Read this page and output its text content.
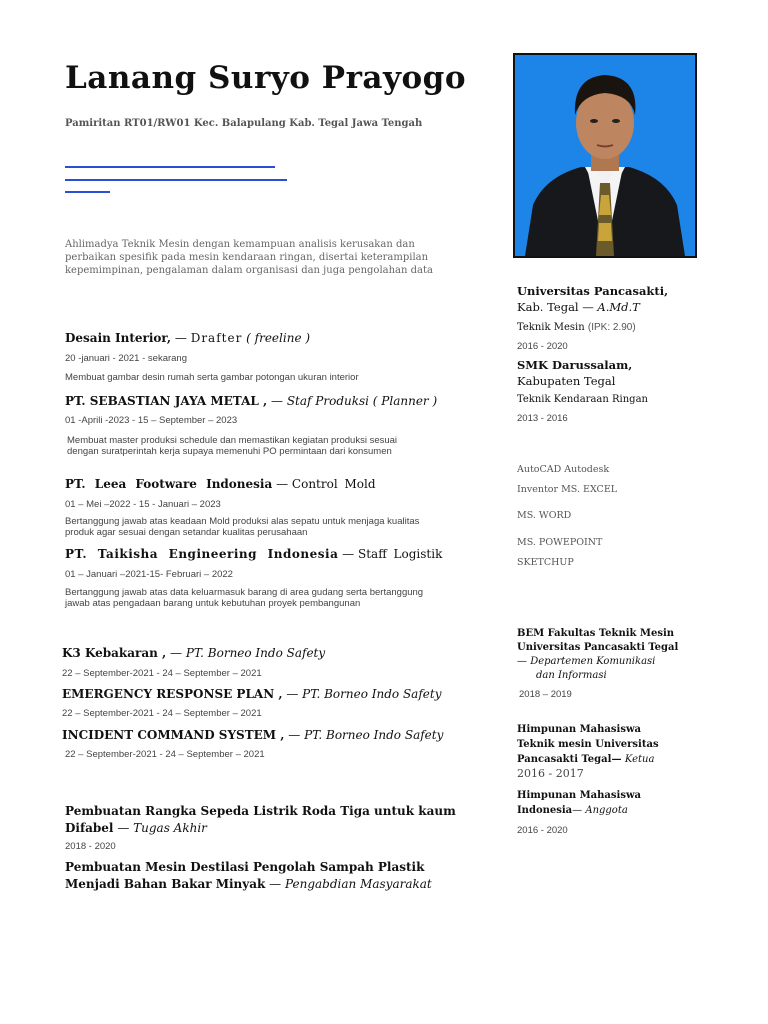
Lanang Suryo Prayogo
Pamiritan RT01/RW01 Kec. Balapulang Kab. Tegal Jawa Tengah
Ahlimadya Teknik Mesin dengan kemampuan analisis kerusakan dan perbaikan spesifik pada mesin kendaraan ringan, disertai keterampilan kepemimpinan, pengalaman dalam organisasi dan juga pengolahan data
Desain Interior, — Drafter ( freeline )
20 -januari - 2021 - sekarang
Membuat gambar desin rumah serta gambar potongan ukuran interior
PT. SEBASTIAN JAYA METAL , — Staf Produksi ( Planner )
01 -Aprili -2023 - 15 – September – 2023
Membuat master produksi schedule dan memastikan kegiatan produksi sesuai dengan suratperintah kerja supaya memenuhi PO permintaan dari konsumen
PT. Leea Footware Indonesia — Control Mold
01 – Mei –2022 - 15 - Januari – 2023
Bertanggung jawab atas keadaan Mold produksi alas sepatu untuk menjaga kualitas produk agar sesuai dengan setandar kualitas perusahaan
PT. Taikisha Engineering Indonesia — Staff Logistik
01 – Januari –2021-15- Februari – 2022
Bertanggung jawab atas data keluarmasuk barang di area gudang serta bertanggung jawab atas pengadaan barang untuk kebutuhan proyek pembangunan
K3 Kebakaran , — PT. Borneo Indo Safety
22 – September-2021 - 24 – September – 2021
EMERGENCY RESPONSE PLAN , — PT. Borneo Indo Safety
22 – September-2021 - 24 – September – 2021
INCIDENT COMMAND SYSTEM , — PT. Borneo Indo Safety
22 – September-2021 - 24 – September – 2021
Pembuatan Rangka Sepeda Listrik Roda Tiga untuk kaum
Difabel — Tugas Akhir
2018 - 2020
Pembuatan Mesin Destilasi Pengolah Sampah Plastik
Menjadi Bahan Bakar Minyak — Pengabdian Masyarakat
Universitas Pancasakti,
Kab. Tegal — A.Md.T
Teknik Mesin (IPK: 2.90)
2016 - 2020
SMK Darussalam,
Kabupaten Tegal
Teknik Kendaraan Ringan
2013 - 2016
AutoCAD Autodesk
Inventor MS. EXCEL
MS. WORD
MS. POWEPOINT
SKETCHUP
BEM Fakultas Teknik Mesin
Universitas Pancasakti Tegal
— Departemen Komunikasi
dan Informasi
2018 – 2019
Himpunan Mahasiswa
Teknik mesin Universitas
Pancasakti Tegal— Ketua
2016 - 2017
Himpunan Mahasiswa
Indonesia— Anggota
2016 - 2020
